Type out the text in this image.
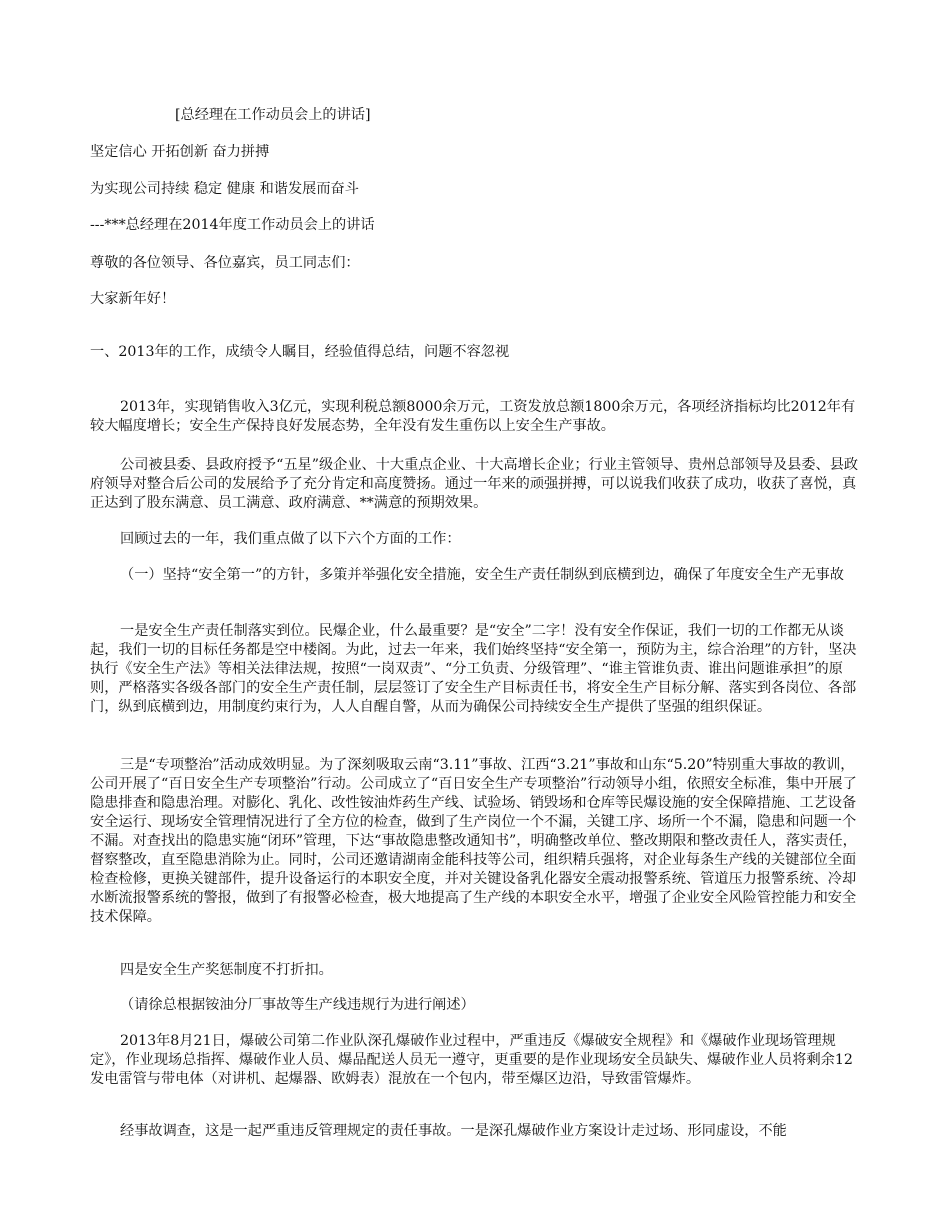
[总经理在工作动员会上的讲话]

坚定信心 开拓创新 奋力拼搏

为实现公司持续 稳定 健康 和谐发展而奋斗

---***总经理在2014年度工作动员会上的讲话

尊敬的各位领导、各位嘉宾，员工同志们：

大家新年好！

一、2013年的工作，成绩令人瞩目，经验值得总结，问题不容忽视

2013年，实现销售收入3亿元，实现利税总额8000余万元，工资发放总额1800余万元，各项经济指标均比2012年有较大幅度增长；安全生产保持良好发展态势，全年没有发生重伤以上安全生产事故。

公司被县委、县政府授予“五星”级企业、十大重点企业、十大高增长企业；行业主管领导、贵州总部领导及县委、县政府领导对整合后公司的发展给予了充分肯定和高度赞扬。通过一年来的顽强拼搏，可以说我们收获了成功，收获了喜悦，真正达到了股东满意、员工满意、政府满意、**满意的预期效果。

回顾过去的一年，我们重点做了以下六个方面的工作：

（一）坚持“安全第一”的方针，多策并举强化安全措施，安全生产责任制纵到底横到边，确保了年度安全生产无事故

一是安全生产责任制落实到位。民爆企业，什么最重要？是“安全”二字！没有安全作保证，我们一切的工作都无从谈起，我们一切的目标任务都是空中楼阁。为此，过去一年来，我们始终坚持“安全第一，预防为主，综合治理”的方针，坚决执行《安全生产法》等相关法律法规，按照“一岗双责”、“分工负责、分级管理”、“谁主管谁负责、谁出问题谁承担”的原则，严格落实各级各部门的安全生产责任制，层层签订了安全生产目标责任书，将安全生产目标分解、落实到各岗位、各部门，纵到底横到边，用制度约束行为，人人自醒自警，从而为确保公司持续安全生产提供了坚强的组织保证。

三是“专项整治”活动成效明显。为了深刻吸取云南“3.11”事故、江西“3.21”事故和山东“5.20”特别重大事故的教训，公司开展了“百日安全生产专项整治”行动。公司成立了“百日安全生产专项整治”行动领导小组，依照安全标准，集中开展了隐患排查和隐患治理。对膨化、乳化、改性铵油炸药生产线、试验场、销毁场和仓库等民爆设施的安全保障措施、工艺设备安全运行、现场安全管理情况进行了全方位的检查，做到了生产岗位一个不漏，关键工序、场所一个不漏，隐患和问题一个不漏。对查找出的隐患实施“闭环”管理，下达“事故隐患整改通知书”，明确整改单位、整改期限和整改责任人，落实责任，督察整改，直至隐患消除为止。同时，公司还邀请湖南金能科技等公司，组织精兵强将，对企业每条生产线的关键部位全面检查检修，更换关键部件，提升设备运行的本职安全度，并对关键设备乳化器安全震动报警系统、管道压力报警系统、冷却水断流报警系统的警报，做到了有报警必检查，极大地提高了生产线的本职安全水平，增强了企业安全风险管控能力和安全技术保障。

四是安全生产奖惩制度不打折扣。

（请徐总根据铵油分厂事故等生产线违规行为进行阐述）

2013年8月21日，爆破公司第二作业队深孔爆破作业过程中，严重违反《爆破安全规程》和《爆破作业现场管理规定》，作业现场总指挥、爆破作业人员、爆品配送人员无一遵守，更重要的是作业现场安全员缺失、爆破作业人员将剩余12发电雷管与带电体（对讲机、起爆器、欧姆表）混放在一个包内，带至爆区边沿，导致雷管爆炸。

经事故调查，这是一起严重违反管理规定的责任事故。一是深孔爆破作业方案设计走过场、形同虚设，不能
